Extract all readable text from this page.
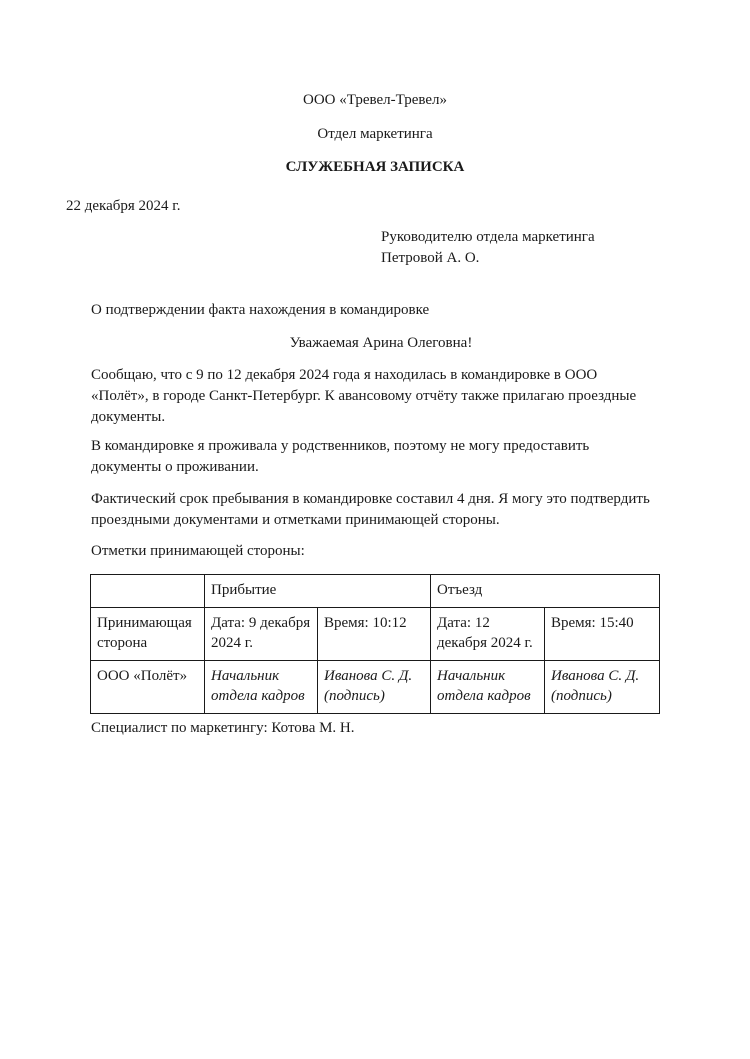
ООО «Тревел-Тревел»
Отдел маркетинга
СЛУЖЕБНАЯ ЗАПИСКА
22 декабря 2024 г.
Руководителю отдела маркетинга
Петровой А. О.
О подтверждении факта нахождения в командировке
Уважаемая Арина Олеговна!

Сообщаю, что с 9 по 12 декабря 2024 года я находилась в командировке в ООО «Полёт», в городе Санкт-Петербург. К авансовому отчёту также прилагаю проездные документы.

В командировке я проживала у родственников, поэтому не могу предоставить документы о проживании.

Фактический срок пребывания в командировке составил 4 дня. Я могу это подтвердить проездными документами и отметками принимающей стороны.

Отметки принимающей стороны:
	Прибытие		Отъезд	
Принимающая сторона	Дата: 9 декабря 2024 г.	Время: 10:12	Дата: 12 декабря 2024 г.	Время: 15:40
ООО «Полёт»	Начальник отдела кадров	Иванова С. Д. (подпись)	Начальник отдела кадров	Иванова С. Д. (подпись)
Специалист по маркетингу: Котова М. Н.
